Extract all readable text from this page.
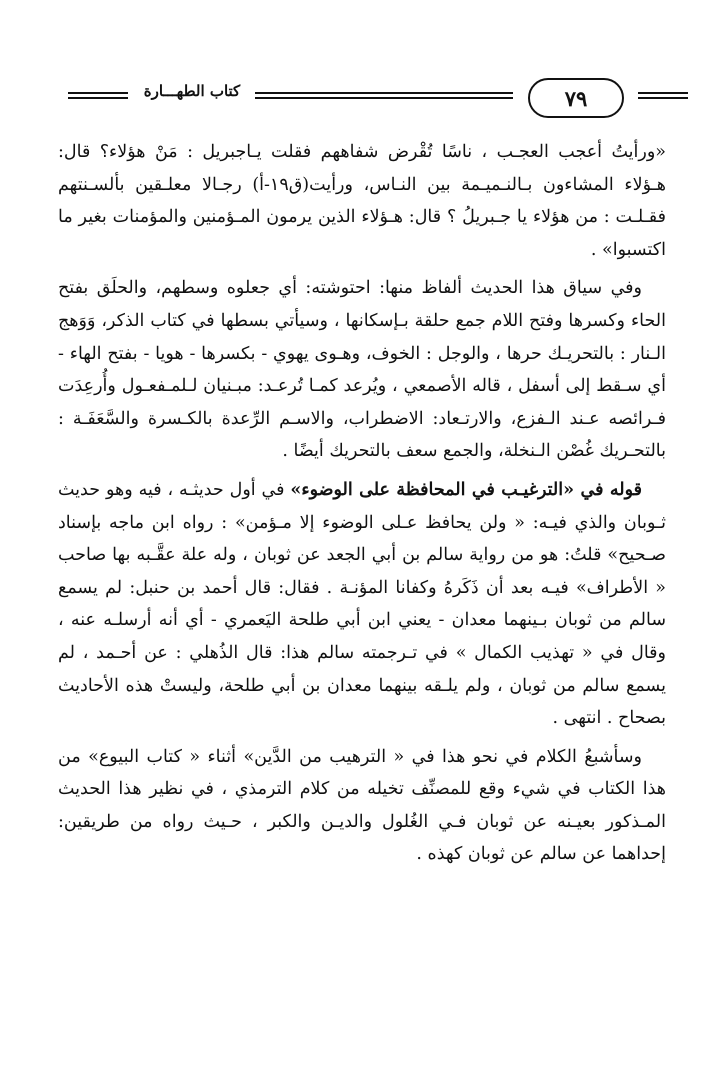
كتاب الطهـــارة	٧٩

«ورأيتُ أعجب العجـب ، ناسًا تُقْرض شفاههم فقلت يـاجبريل : مَنْ هؤلاء؟ قال: هـؤلاء المشاءون بـالنـميـمة بين النـاس، ورأيت(ق١٩-أ) رجـالا معلـقين بألسـنتهم فقـلـت : من هؤلاء يا جـبريلُ ؟ قال: هـؤلاء الذين يرمون المـؤمنين والمؤمنات بغير ما اكتسبوا» .

وفي سياق هذا الحديث ألفاظ منها: احتوشته: أي جعلوه وسطهم، والحلَق بفتح الحاء وكسرها وفتح اللام جمع حلقة بـإسكانها ، وسيأتي بسطها في كتاب الذكر، وَوَهج الـنار : بالتحريـك حرها ، والوجل : الخوف، وهـوى يهوي - بكسرها - هويا - بفتح الهاء - أي سـقط إلى أسفل ، قاله الأصمعي ، ويُرعد كمـا تُرعـد: مبـنيان لـلمـفعـول وأُرعِدَت فـرائصه عـند الـفزع، والارتـعاد: الاضطراب، والاسـم الرِّعدة بالكـسرة والسَّعَفَـة : بالتحـريك غُصْن الـنخلة، والجمع سعف بالتحريك أيضًا .

قوله في «الترغيـب في المحافظة على الوضوء» في أول حديثـه ، فيه وهو حديث ثـوبان والذي فيـه: « ولن يحافظ عـلى الوضوء إلا مـؤمن» : رواه ابن ماجه بإسناد صـحيح» قلتُ: هو من رواية سالم بن أبي الجعد عن ثوبان ، وله علة عقَّـبه بها صاحب « الأطراف» فيـه بعد أن ذَكَرهُ وكفانا المؤنـة . فقال: قال أحمد بن حنبل: لم يسمع سالم من ثوبان بـينهما معدان - يعني ابن أبي طلحة اليَعمري - أي أنه أرسلـه عنه ، وقال في « تهذيب الكمال » في تـرجمته سالم هذا: قال الذُهلي : عن أحـمد ، لم يسمع سالم من ثوبان ، ولم يلـقه بينهما معدان بن أبي طلحة، وليستْ هذه الأحاديث بصحاح . انتهى .

وسأشبعُ الكلام في نحو هذا في « الترهيب من الدَّين» أثناء « كتاب البيوع» من هذا الكتاب في شيء وقع للمصنِّف تخيله من كلام الترمذي ، في نظير هذا الحديث المـذكور بعيـنه عن ثوبان فـي الغُلول والديـن والكبر ، حـيث رواه من طريقين: إحداهما عن سالم عن ثوبان كهذه .
